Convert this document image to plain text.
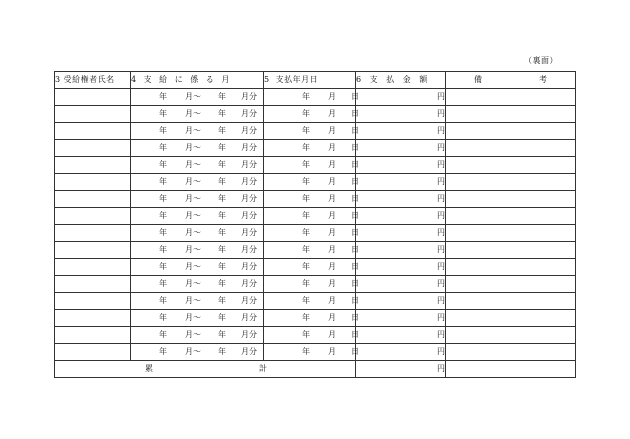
（裏面）
3 受給権者氏名	4 支 給 に 係 る 月	5 支払年月日	6 支 払 金 額	備 考

	年 月〜 年 月分	年 月 日	円	

	年 月〜 年 月分	年 月 日	円	

	年 月〜 年 月分	年 月 日	円	

	年 月〜 年 月分	年 月 日	円	

	年 月〜 年 月分	年 月 日	円	

	年 月〜 年 月分	年 月 日	円	

	年 月〜 年 月分	年 月 日	円	

	年 月〜 年 月分	年 月 日	円	

	年 月〜 年 月分	年 月 日	円	

	年 月〜 年 月分	年 月 日	円	

	年 月〜 年 月分	年 月 日	円	

	年 月〜 年 月分	年 月 日	円	

	年 月〜 年 月分	年 月 日	円	

	年 月〜 年 月分	年 月 日	円	

	年 月〜 年 月分	年 月 日	円	

	年 月〜 年 月分	年 月 日	円	

累 計			円	
